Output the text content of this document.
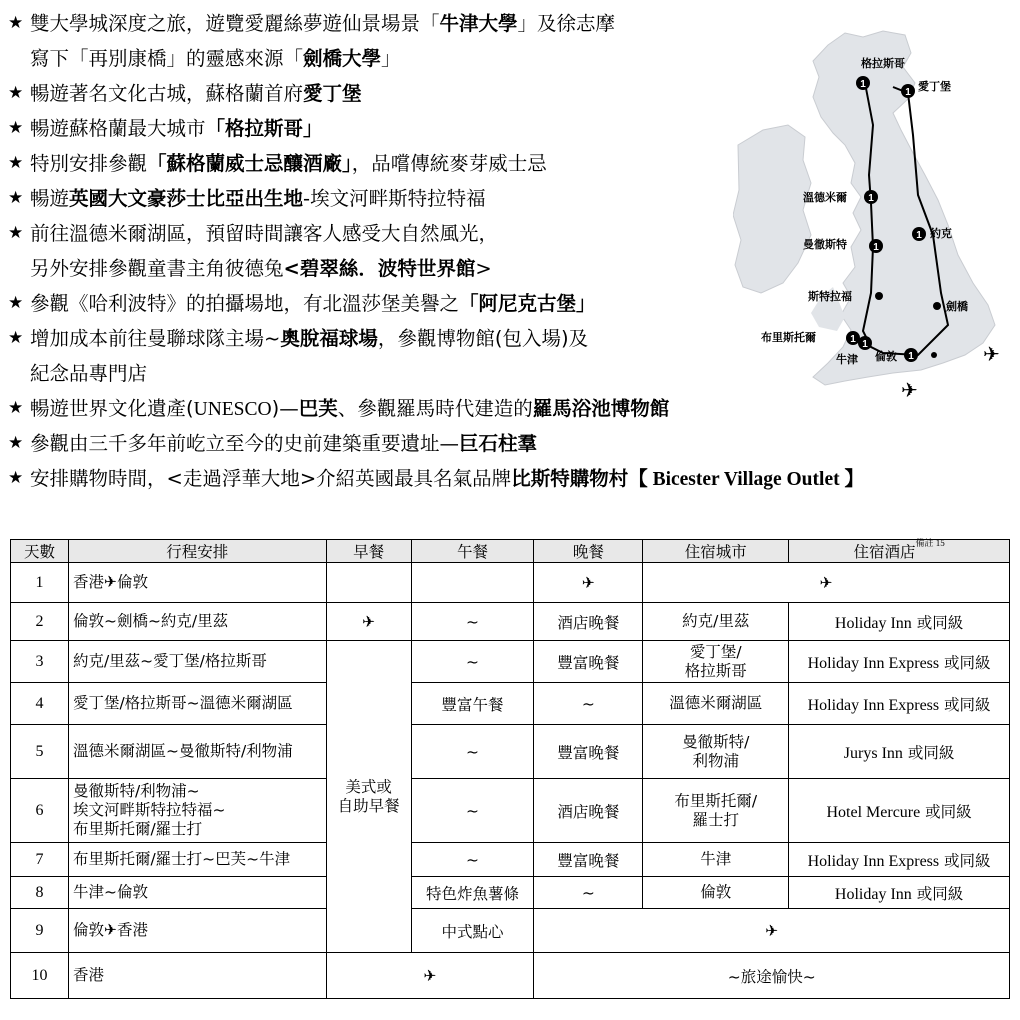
★ 雙大學城深度之旅，遊覽愛麗絲夢遊仙景場景「牛津大學」及徐志摩
寫下「再別康橋」的靈感來源「劍橋大學」
★ 暢遊著名文化古城，蘇格蘭首府愛丁堡
★ 暢遊蘇格蘭最大城市「格拉斯哥」
★ 特別安排參觀「蘇格蘭威士忌釀酒廠」，品嚐傳統麥芽威士忌
★ 暢遊英國大文豪莎士比亞出生地-埃文河畔斯特拉特福
★ 前往溫德米爾湖區，預留時間讓客人感受大自然風光，
另外安排參觀童書主角彼德兔<碧翠絲．波特世界館>
★ 參觀《哈利波特》的拍攝場地，有北溫莎堡美譽之「阿尼克古堡」
★ 增加成本前往曼聯球隊主場~奧脫福球場，參觀博物館(包入場)及
紀念品專門店
★ 暢遊世界文化遺產(UNESCO)—巴芙、參觀羅馬時代建造的羅馬浴池博物館
★ 參觀由三千多年前屹立至今的史前建築重要遺址—巨石柱羣
★ 安排購物時間，<走過浮華大地>介紹英國最具名氣品牌比斯特購物村【 Bicester Village Outlet 】
1
1
1
1
1
1 1
1
格拉斯哥
愛丁堡
溫德米爾
約克
曼徹斯特
斯特拉福
劍橋
布里斯托爾
牛津 倫敦	✈
✈
天數	行程安排	早餐	午餐	晚餐	住宿城市	住宿酒店$^{備註 15}$
1	香港✈倫敦			✈	✈	
2	倫敦~劍橋~約克/里茲	✈	~	酒店晚餐	約克/里茲	Holiday Inn 或同級
3	約克/里茲~愛丁堡/格拉斯哥	美式或
自助早餐	~	豐富晚餐	愛丁堡/
格拉斯哥	Holiday Inn Express 或同級
4	愛丁堡/格拉斯哥~溫德米爾湖區		豐富午餐	~	溫德米爾湖區	Holiday Inn Express 或同級
5	溫德米爾湖區~曼徹斯特/利物浦		~	豐富晚餐	曼徹斯特/
利物浦	Jurys Inn 或同級
6	曼徹斯特/利物浦~
埃文河畔斯特拉特福~
布里斯托爾/羅士打		~	酒店晚餐	布里斯托爾/
羅士打	Hotel Mercure 或同級
7	布里斯托爾/羅士打~巴芙~牛津		~	豐富晚餐	牛津	Holiday Inn Express 或同級
8	牛津~倫敦		特色炸魚薯條	~	倫敦	Holiday Inn 或同級
9	倫敦✈香港		中式點心	✈		
10	香港	✈		~旅途愉快~		
